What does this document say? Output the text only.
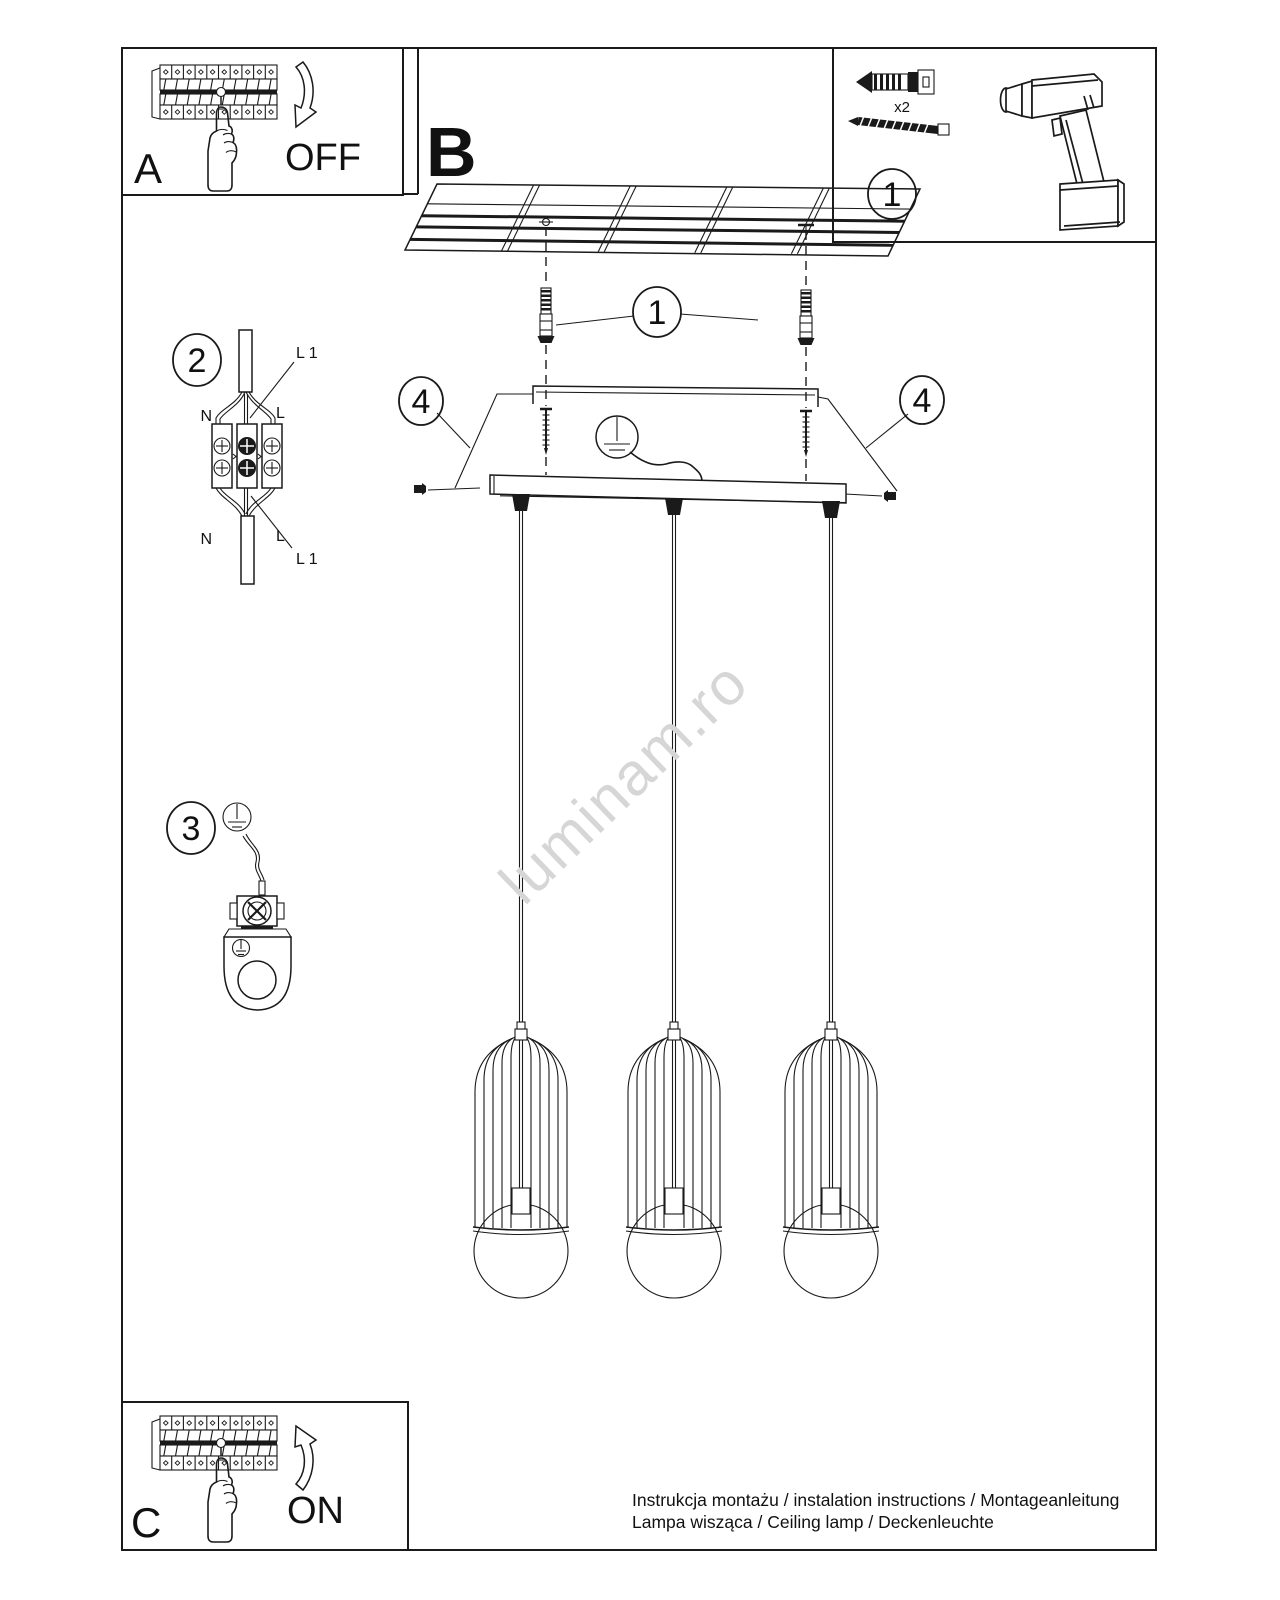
A	OFF B
x2
1
1
4	4
2	L 1
N	L
N	L
L 1
3	luminam.ro
C	ON	Instrukcja montażu / instalation instructions / Montageanleitung
Lampa wisząca / Ceiling lamp / Deckenleuchte
